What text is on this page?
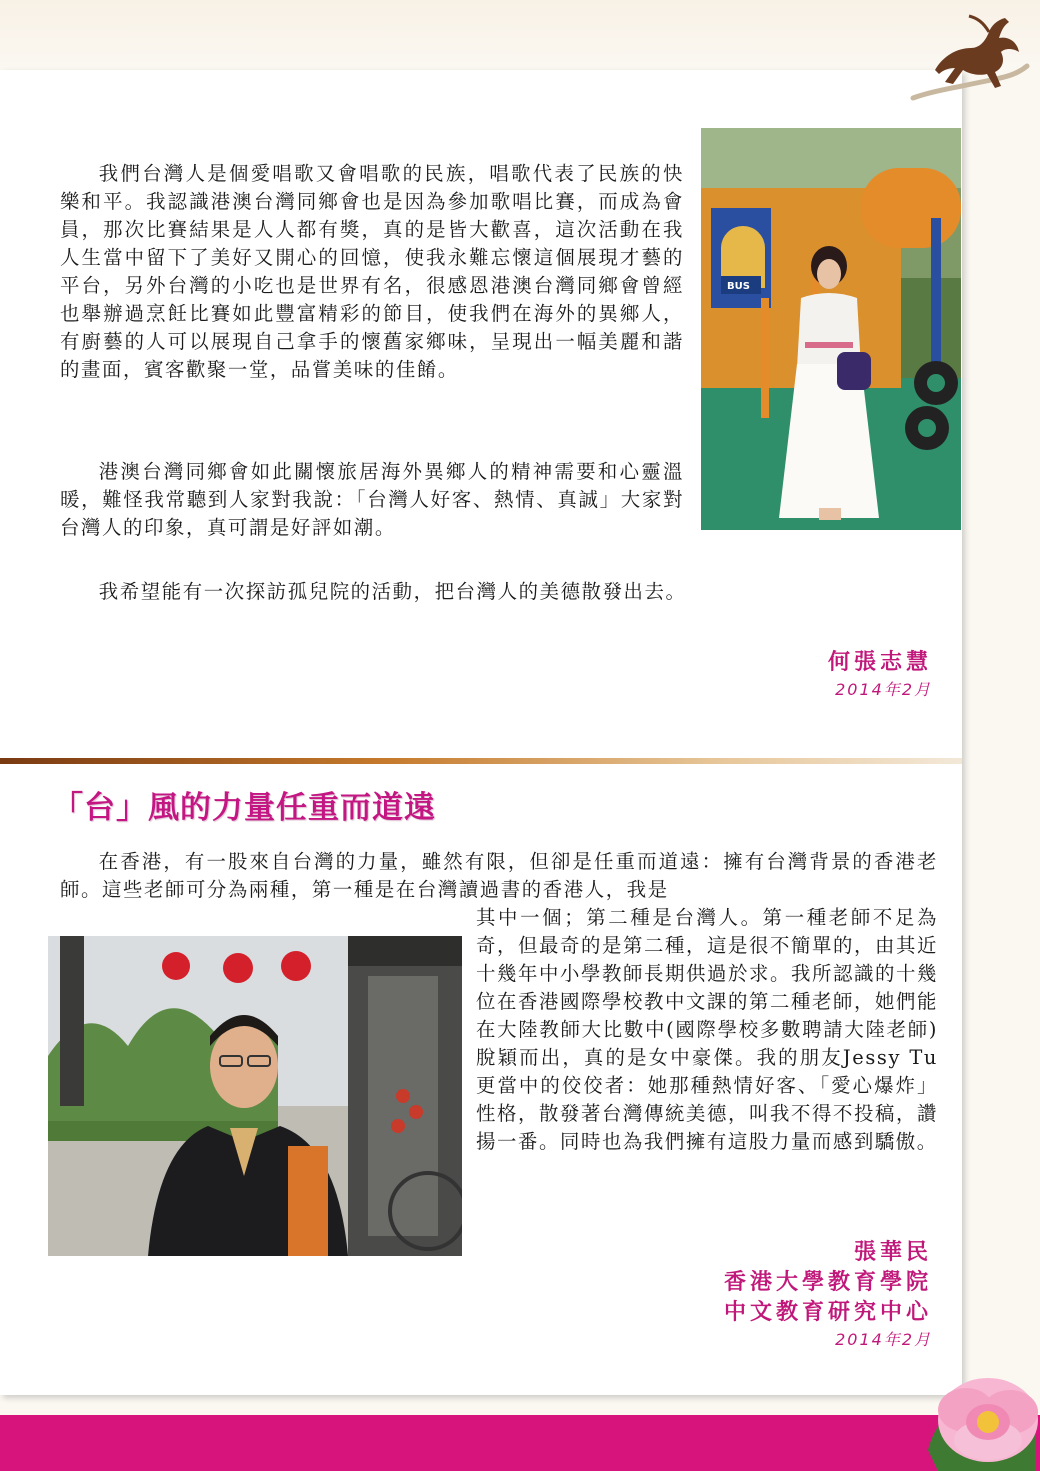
我們台灣人是個愛唱歌又會唱歌的民族，唱歌代表了民族的快樂和平。我認識港澳台灣同鄉會也是因為參加歌唱比賽，而成為會員，那次比賽結果是人人都有獎，真的是皆大歡喜，這次活動在我人生當中留下了美好又開心的回憶，使我永難忘懷這個展現才藝的平台，另外台灣的小吃也是世界有名，很感恩港澳台灣同鄉會曾經也舉辦過烹飪比賽如此豐富精彩的節目，使我們在海外的異鄉人，有廚藝的人可以展現自己拿手的懷舊家鄉味，呈現出一幅美麗和諧的畫面，賓客歡聚一堂，品嘗美味的佳餚。

港澳台灣同鄉會如此關懷旅居海外異鄉人的精神需要和心靈溫暖，難怪我常聽到人家對我說：「台灣人好客、熱情、真誠」大家對台灣人的印象，真可謂是好評如潮。

我希望能有一次探訪孤兒院的活動，把台灣人的美德散發出去。

BUS
何張志慧
2014年2月
「台」風的力量任重而道遠

在香港，有一股來自台灣的力量，雖然有限，但卻是任重而道遠：擁有台灣背景的香港老師。這些老師可分為兩種，第一種是在台灣讀過書的香港人，我是

其中一個；第二種是台灣人。第一種老師不足為奇，但最奇的是第二種，這是很不簡單的，由其近十幾年中小學教師長期供過於求。我所認識的十幾位在香港國際學校教中文課的第二種老師，她們能在大陸教師大比數中(國際學校多數聘請大陸老師)脫穎而出，真的是女中豪傑。我的朋友Jessy Tu更當中的佼佼者：她那種熱情好客、「愛心爆炸」性格，散發著台灣傳統美德，叫我不得不投稿，讚揚一番。同時也為我們擁有這股力量而感到驕傲。

張華民
香港大學教育學院
中文教育研究中心
2014年2月
